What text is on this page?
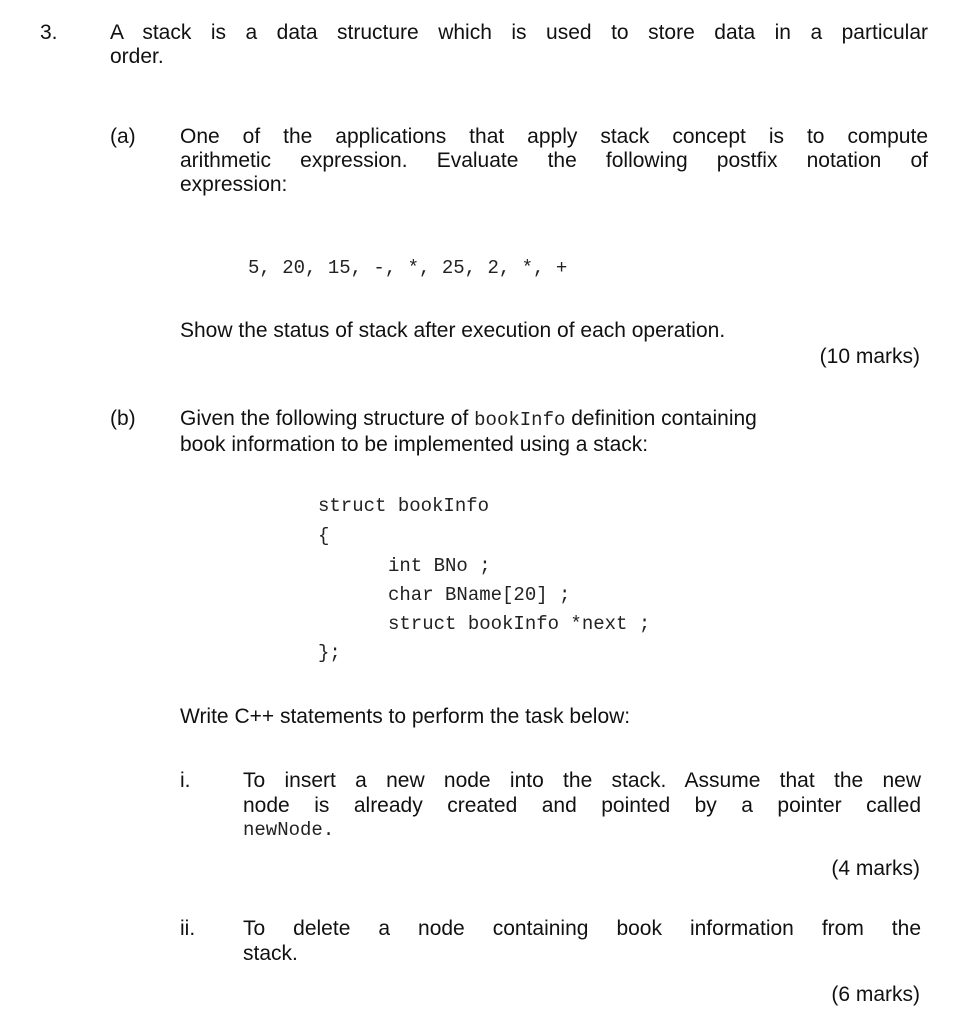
3. A stack is a data structure which is used to store data in a particular
order.
(a) One of the applications that apply stack concept is to compute
arithmetic expression. Evaluate the following postfix notation of
expression:
5, 20, 15, -, *, 25, 2, *, +
Show the status of stack after execution of each operation.
(10 marks)
(b) Given the following structure of bookInfo definition containing
book information to be implemented using a stack:
struct bookInfo
{
int BNo ;
char BName[20] ;
struct bookInfo *next ;
};
Write C++ statements to perform the task below:
i.	To insert a new node into the stack. Assume that the new
node is already created and pointed by a pointer called
newNode.
(4 marks)
ii. To delete a node containing book information from the
stack.
(6 marks)
